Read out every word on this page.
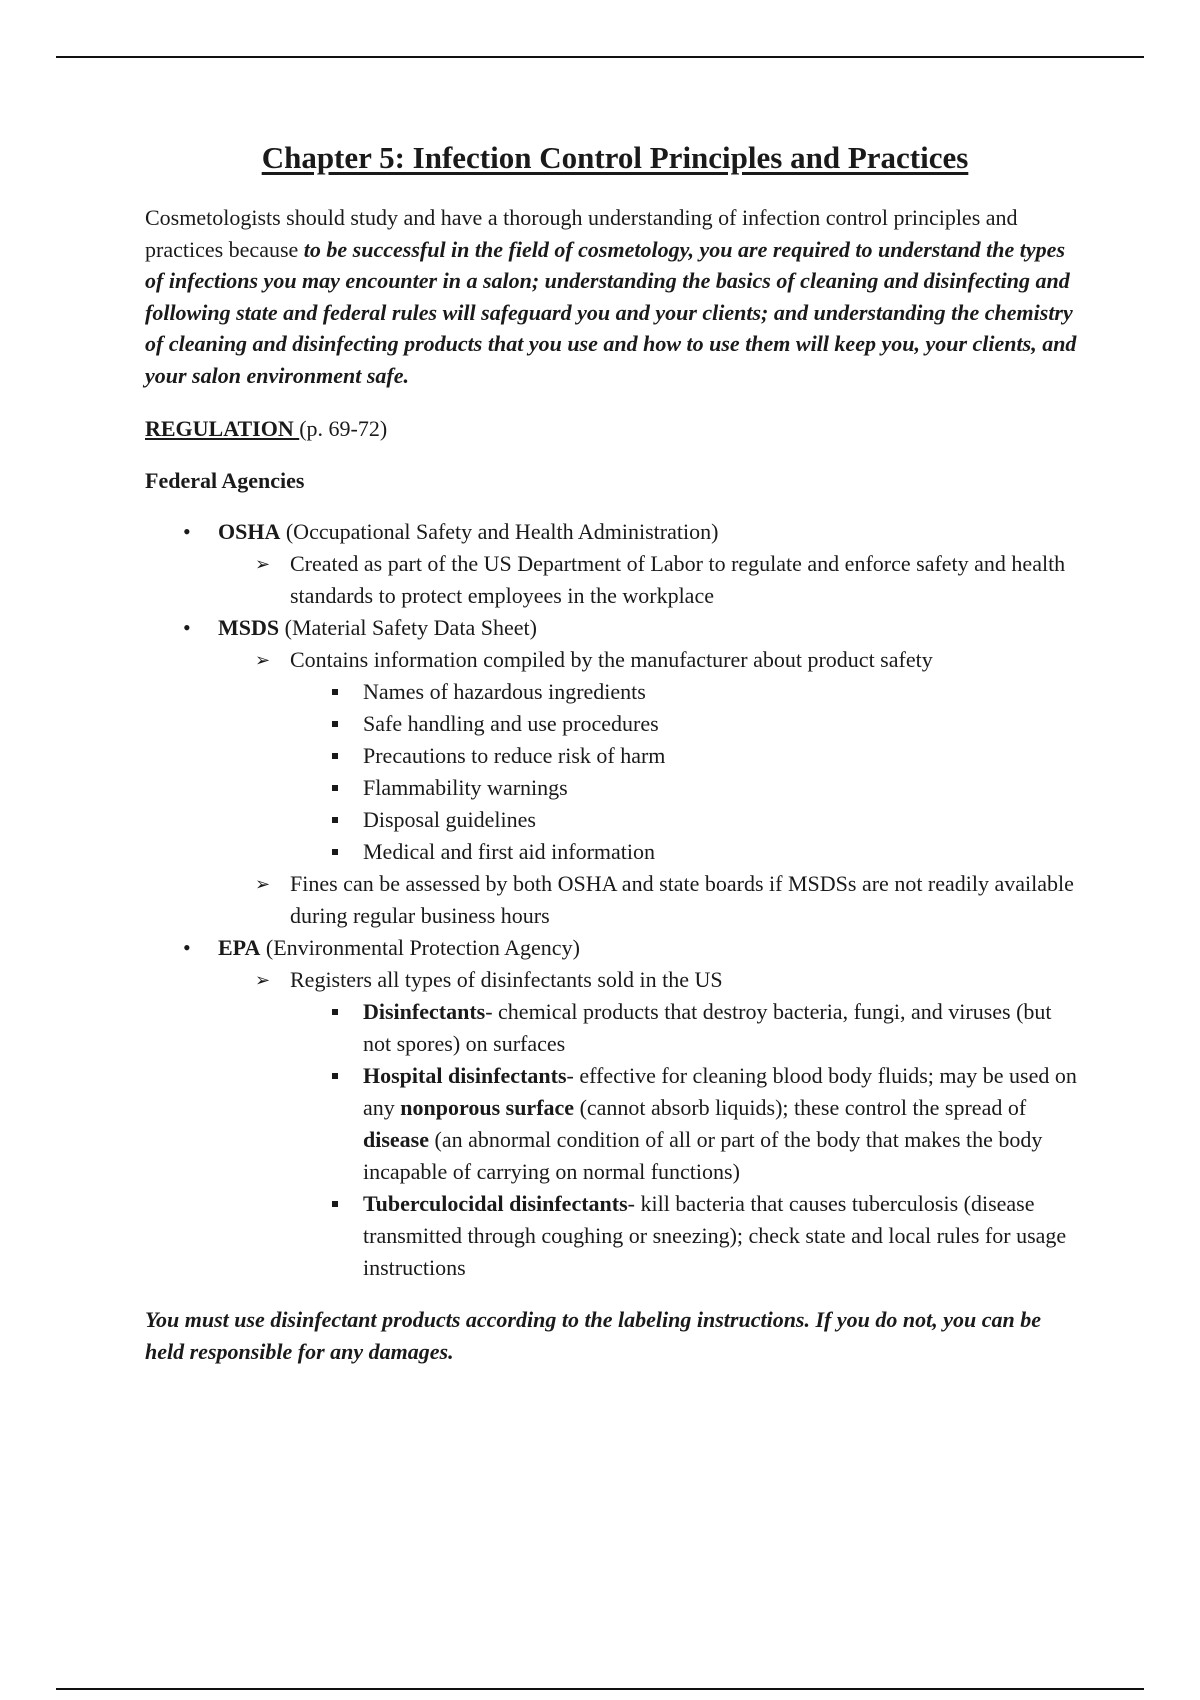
Chapter 5: Infection Control Principles and Practices

Cosmetologists should study and have a thorough understanding of infection control principles and practices because to be successful in the field of cosmetology, you are required to understand the types of infections you may encounter in a salon; understanding the basics of cleaning and disinfecting and following state and federal rules will safeguard you and your clients; and understanding the chemistry of cleaning and disinfecting products that you use and how to use them will keep you, your clients, and your salon environment safe.

REGULATION (p. 69-72)

Federal Agencies

• OSHA (Occupational Safety and Health Administration)
➢ Created as part of the US Department of Labor to regulate and enforce safety and health standards to protect employees in the workplace
• MSDS (Material Safety Data Sheet)
➢ Contains information compiled by the manufacturer about product safety
Names of hazardous ingredients
Safe handling and use procedures
Precautions to reduce risk of harm
Flammability warnings
Disposal guidelines
Medical and first aid information
➢ Fines can be assessed by both OSHA and state boards if MSDSs are not readily available during regular business hours
• EPA (Environmental Protection Agency)
➢ Registers all types of disinfectants sold in the US
Disinfectants- chemical products that destroy bacteria, fungi, and viruses (but not spores) on surfaces
Hospital disinfectants- effective for cleaning blood body fluids; may be used on any nonporous surface (cannot absorb liquids); these control the spread of disease (an abnormal condition of all or part of the body that makes the body incapable of carrying on normal functions)
Tuberculocidal disinfectants- kill bacteria that causes tuberculosis (disease transmitted through coughing or sneezing); check state and local rules for usage instructions

You must use disinfectant products according to the labeling instructions. If you do not, you can be held responsible for any damages.
